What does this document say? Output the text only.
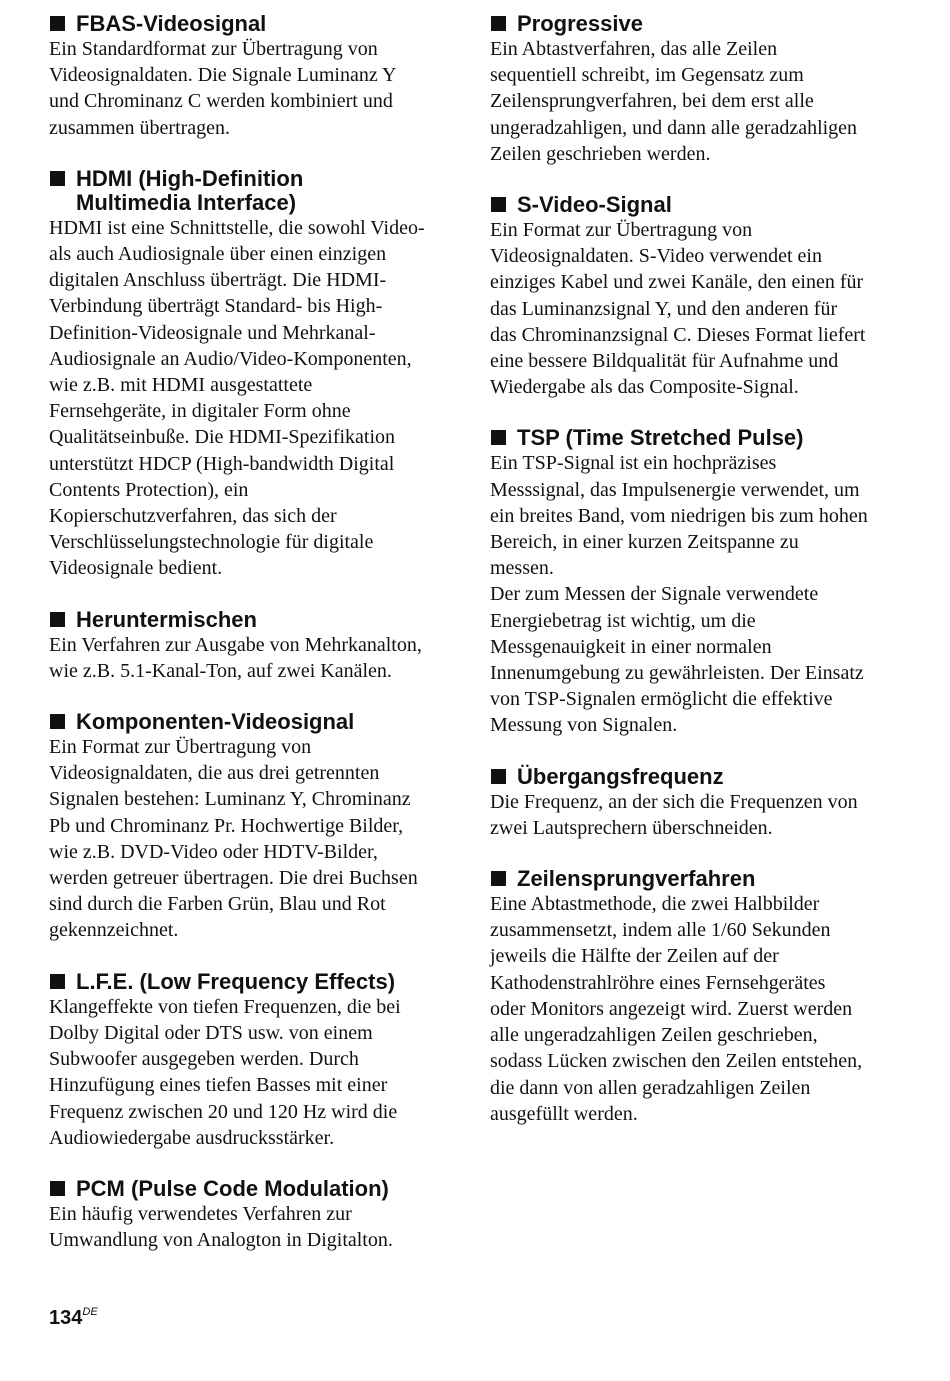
FBAS-Videosignal

Ein Standardformat zur Übertragung von
Videosignaldaten. Die Signale Luminanz Y
und Chrominanz C werden kombiniert und
zusammen übertragen.

HDMI (High-Definition
Multimedia Interface)

HDMI ist eine Schnittstelle, die sowohl Video-
als auch Audiosignale über einen einzigen
digitalen Anschluss überträgt. Die HDMI-
Verbindung überträgt Standard- bis High-
Definition-Videosignale und Mehrkanal-
Audiosignale an Audio/Video-Komponenten,
wie z.B. mit HDMI ausgestattete
Fernsehgeräte, in digitaler Form ohne
Qualitätseinbuße. Die HDMI-Spezifikation
unterstützt HDCP (High-bandwidth Digital
Contents Protection), ein
Kopierschutzverfahren, das sich der
Verschlüsselungstechnologie für digitale
Videosignale bedient.

Heruntermischen

Ein Verfahren zur Ausgabe von Mehrkanalton,
wie z.B. 5.1-Kanal-Ton, auf zwei Kanälen.

Komponenten-Videosignal

Ein Format zur Übertragung von
Videosignaldaten, die aus drei getrennten
Signalen bestehen: Luminanz Y, Chrominanz
Pb und Chrominanz Pr. Hochwertige Bilder,
wie z.B. DVD-Video oder HDTV-Bilder,
werden getreuer übertragen. Die drei Buchsen
sind durch die Farben Grün, Blau und Rot
gekennzeichnet.

L.F.E. (Low Frequency Effects)

Klangeffekte von tiefen Frequenzen, die bei
Dolby Digital oder DTS usw. von einem
Subwoofer ausgegeben werden. Durch
Hinzufügung eines tiefen Basses mit einer
Frequenz zwischen 20 und 120 Hz wird die
Audiowiedergabe ausdrucksstärker.

PCM (Pulse Code Modulation)

Ein häufig verwendetes Verfahren zur
Umwandlung von Analogton in Digitalton.

Progressive

Ein Abtastverfahren, das alle Zeilen
sequentiell schreibt, im Gegensatz zum
Zeilensprungverfahren, bei dem erst alle
ungeradzahligen, und dann alle geradzahligen
Zeilen geschrieben werden.

S-Video-Signal

Ein Format zur Übertragung von
Videosignaldaten. S-Video verwendet ein
einziges Kabel und zwei Kanäle, den einen für
das Luminanzsignal Y, und den anderen für
das Chrominanzsignal C. Dieses Format liefert
eine bessere Bildqualität für Aufnahme und
Wiedergabe als das Composite-Signal.

TSP (Time Stretched Pulse)

Ein TSP-Signal ist ein hochpräzises
Messsignal, das Impulsenergie verwendet, um
ein breites Band, vom niedrigen bis zum hohen
Bereich, in einer kurzen Zeitspanne zu
messen.
Der zum Messen der Signale verwendete
Energiebetrag ist wichtig, um die
Messgenauigkeit in einer normalen
Innenumgebung zu gewährleisten. Der Einsatz
von TSP-Signalen ermöglicht die effektive
Messung von Signalen.

Übergangsfrequenz

Die Frequenz, an der sich die Frequenzen von
zwei Lautsprechern überschneiden.

Zeilensprungverfahren

Eine Abtastmethode, die zwei Halbbilder
zusammensetzt, indem alle 1/60 Sekunden
jeweils die Hälfte der Zeilen auf der
Kathodenstrahlröhre eines Fernsehgerätes
oder Monitors angezeigt wird. Zuerst werden
alle ungeradzahligen Zeilen geschrieben,
sodass Lücken zwischen den Zeilen entstehen,
die dann von allen geradzahligen Zeilen
ausgefüllt werden.

134DE
